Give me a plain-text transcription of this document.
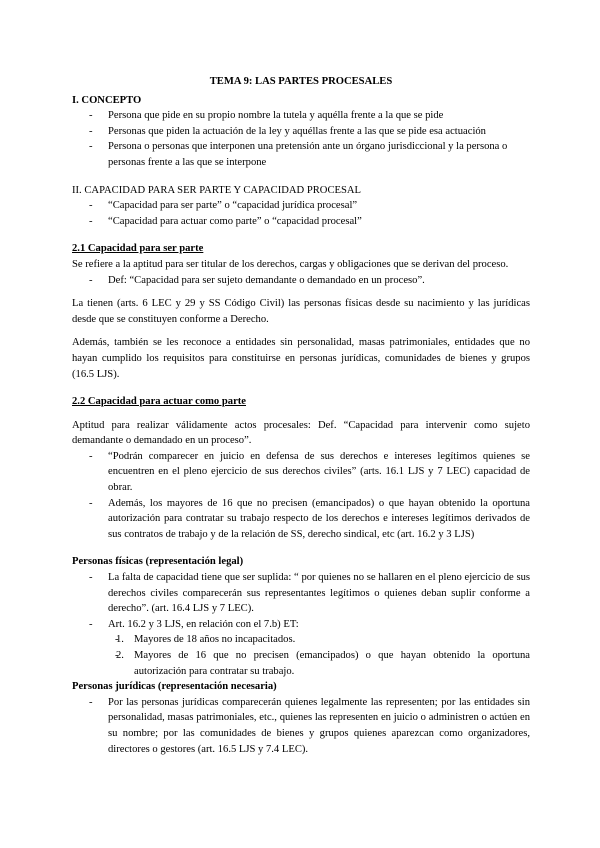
TEMA 9: LAS PARTES PROCESALES
I. CONCEPTO
- Persona que pide en su propio nombre la tutela y aquélla frente a la que se pide
- Personas que piden la actuación de la ley y aquéllas frente a las que se pide esa actuación
- Persona o personas que interponen una pretensión ante un órgano jurisdiccional y la persona o personas frente a las que se interpone
II. CAPACIDAD PARA SER PARTE Y CAPACIDAD PROCESAL
- “Capacidad para ser parte” o “capacidad jurídica procesal”
- “Capacidad para actuar como parte” o “capacidad procesal”
2.1 Capacidad para ser parte

Se refiere a la aptitud para ser titular de los derechos, cargas y obligaciones que se derivan del proceso.

- Def: “Capacidad para ser sujeto demandante o demandado en un proceso”.

La tienen (arts. 6 LEC y 29 y SS Código Civil) las personas físicas desde su nacimiento y las jurídicas desde que se constituyen conforme a Derecho.

Además, también se les reconoce a entidades sin personalidad, masas patrimoniales, entidades que no hayan cumplido los requisitos para constituirse en personas jurídicas, comunidades de bienes y grupos (16.5 LJS).

2.2 Capacidad para actuar como parte

Aptitud para realizar válidamente actos procesales: Def. “Capacidad para intervenir como sujeto demandante o demandado en un proceso”.

- “Podrán comparecer en juicio en defensa de sus derechos e intereses legítimos quienes se encuentren en el pleno ejercicio de sus derechos civiles” (arts. 16.1 LJS y 7 LEC) capacidad de obrar.
- Además, los mayores de 16 que no precisen (emancipados) o que hayan obtenido la oportuna autorización para contratar su trabajo respecto de los derechos e intereses legítimos derivados de sus contratos de trabajo y de la relación de SS, derecho sindical, etc (art. 16.2 y 3 LJS)
Personas físicas (representación legal)
- La falta de capacidad tiene que ser suplida: “ por quienes no se hallaren en el pleno ejercicio de sus derechos civiles comparecerán sus representantes legítimos o quienes deban suplir conforme a derecho”. (art. 16.4 LJS y 7 LEC).
- Art. 16.2 y 3 LJS, en relación con el 7.b) ET:
- 1. Mayores de 18 años no incapacitados.
- 2. Mayores de 16 que no precisen (emancipados) o que hayan obtenido la oportuna autorización para contratar su trabajo.
Personas jurídicas (representación necesaria)
- Por las personas jurídicas comparecerán quienes legalmente las representen; por las entidades sin personalidad, masas patrimoniales, etc., quienes las representen en juicio o administren o actúen en su nombre; por las comunidades de bienes y grupos quienes aparezcan como organizadores, directores o gestores (art. 16.5 LJS y 7.4 LEC).
